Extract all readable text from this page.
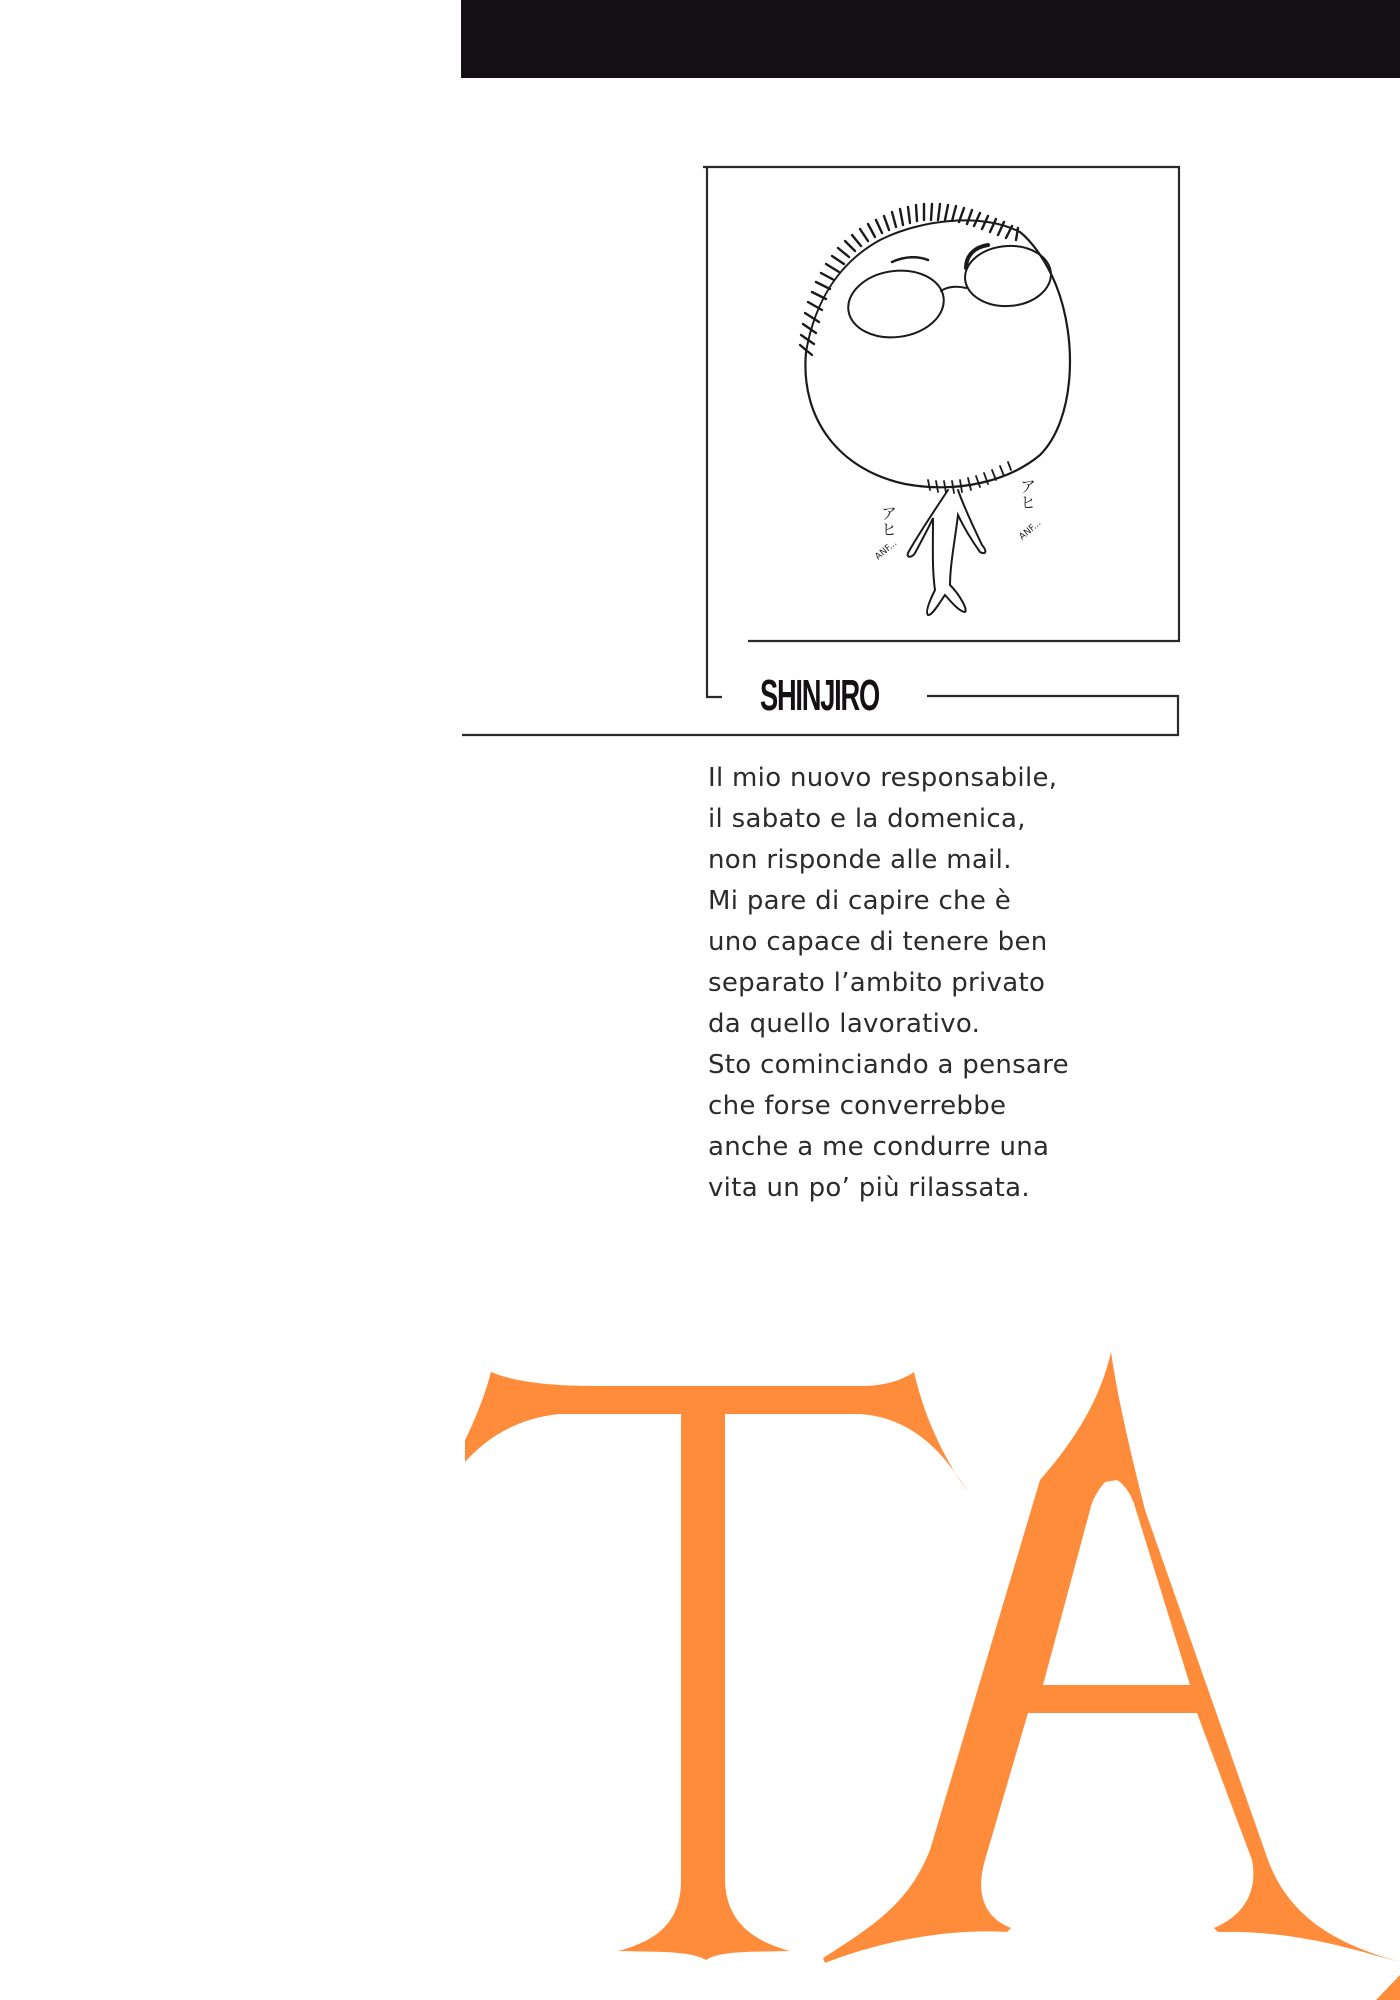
アヒ
ANF...
アヒ
ANF...
SHINJIRO

Il mio nuovo responsabile,
il sabato e la domenica,
non risponde alle mail.
Mi pare di capire che è
uno capace di tenere ben
separato l’ambito privato
da quello lavorativo.
Sto cominciando a pensare
che forse converrebbe
anche a me condurre una
vita un po’ più rilassata.
